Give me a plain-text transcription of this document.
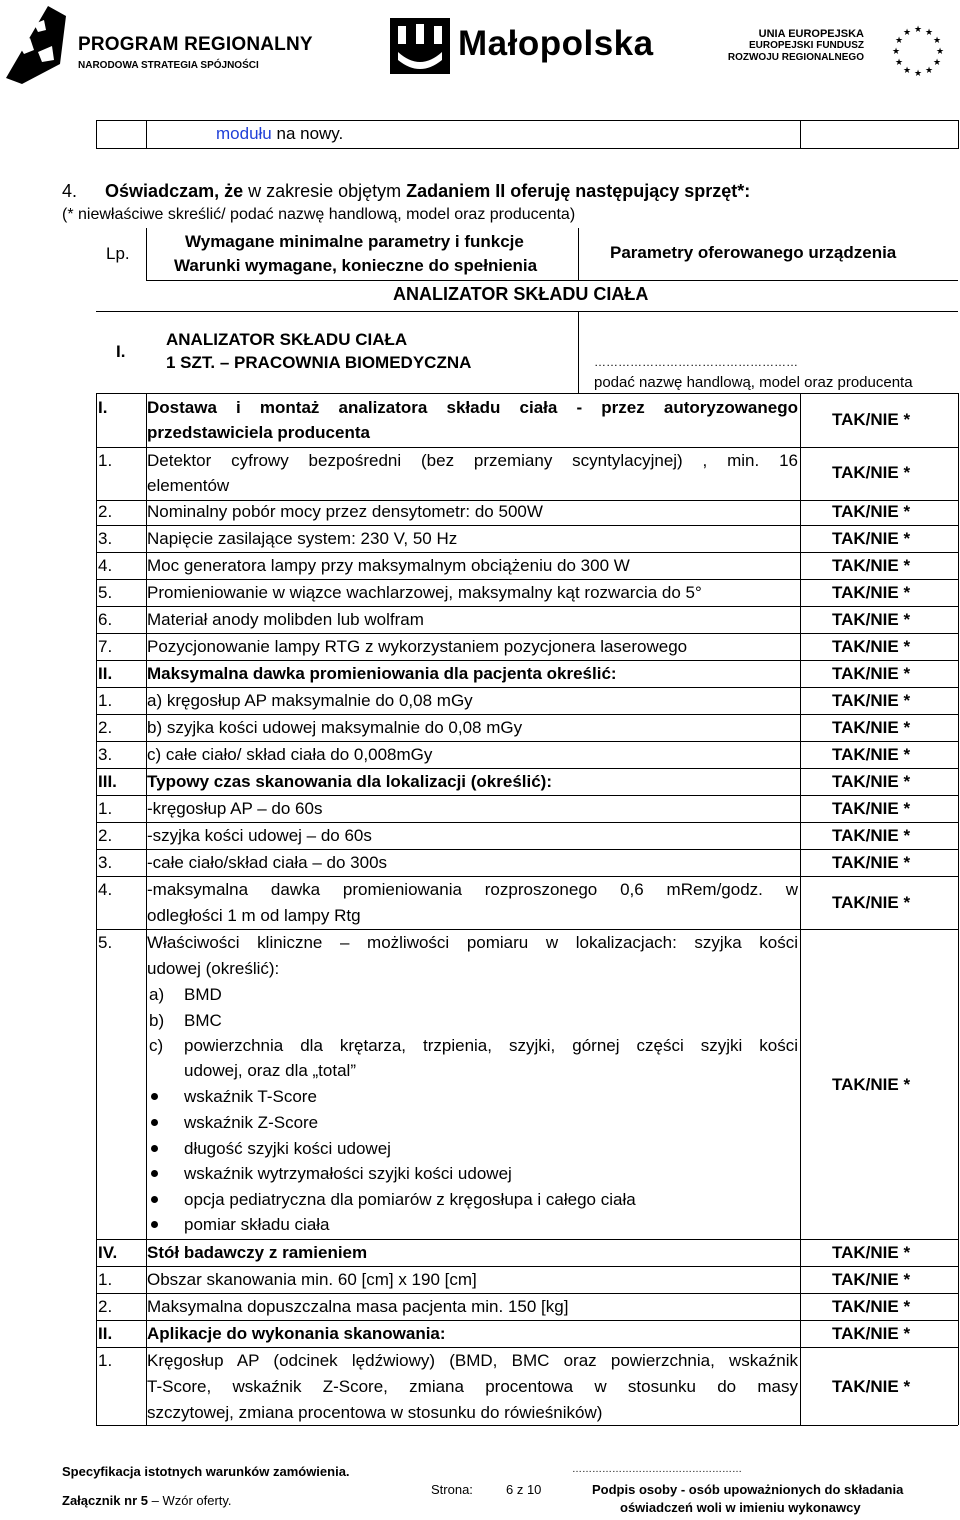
PROGRAM REGIONALNY
NARODOWA STRATEGIA SPÓJNOŚCI
Małopolska	UNIA EUROPEJSKA
EUROPEJSKI FUNDUSZ
ROZWOJU REGIONALNEGO
★ ★
★
★
★
★
★
★
★
★
★
★
modułu na nowy.
4. Oświadczam, że w zakresie objętym Zadaniem II oferuję następujący sprzęt*:
(* niewłaściwe skreślić/ podać nazwę handlową, model oraz producenta)
Lp.
Wymagane minimalne parametry i funkcje
Warunki wymagane, konieczne do spełnienia
Parametry oferowanego urządzenia
ANALIZATOR SKŁADU CIAŁA
I.
ANALIZATOR SKŁADU CIAŁA
1 SZT. – PRACOWNIA BIOMEDYCZNA	……………………………………………
podać nazwę handlową, model oraz producenta
I. Dostawa i montaż analizatora składu ciała - przez autoryzowanego
przedstawiciela producenta
TAK/NIE *
1. Detektor cyfrowy bezpośredni (bez przemiany scyntylacyjnej) , min. 16
elementów
TAK/NIE *
2. Nominalny pobór mocy przez densytometr: do 500W	TAK/NIE *
3. Napięcie zasilające system: 230 V, 50 Hz	TAK/NIE *
4. Moc generatora lampy przy maksymalnym obciążeniu do 300 W	TAK/NIE *
5. Promieniowanie w wiązce wachlarzowej, maksymalny kąt rozwarcia do 5°	TAK/NIE *
6. Materiał anody molibden lub wolfram	TAK/NIE *
7. Pozycjonowanie lampy RTG z wykorzystaniem pozycjonera laserowego	TAK/NIE *
II. Maksymalna dawka promieniowania dla pacjenta określić:	TAK/NIE *
1. a) kręgosłup AP maksymalnie do 0,08 mGy	TAK/NIE *
2. b) szyjka kości udowej maksymalnie do 0,08 mGy	TAK/NIE *
3. c) całe ciało/ skład ciała do 0,008mGy	TAK/NIE *
III. Typowy czas skanowania dla lokalizacji (określić):	TAK/NIE *
1. -kręgosłup AP – do 60s	TAK/NIE *
2. -szyjka kości udowej – do 60s	TAK/NIE *
3. -całe ciało/skład ciała – do 300s	TAK/NIE *
4. -maksymalna dawka promieniowania rozproszonego 0,6 mRem/godz. w
odległości 1 m od lampy Rtg
TAK/NIE *
5. Właściwości kliniczne – możliwości pomiaru w lokalizacjach: szyjka kości
udowej (określić):
a) BMD
b) BMC
c) powierzchnia dla krętarza, trzpienia, szyjki, górnej części szyjki kości
udowej, oraz dla „total”
wskaźnik T-Score
wskaźnik Z-Score
długość szyjki kości udowej
wskaźnik wytrzymałości szyjki kości udowej
opcja pediatryczna dla pomiarów z kręgosłupa i całego ciała
pomiar składu ciała
TAK/NIE *
IV. Stół badawczy z ramieniem	TAK/NIE *
1. Obszar skanowania min. 60 [cm] x 190 [cm]	TAK/NIE *
2. Maksymalna dopuszczalna masa pacjenta min. 150 [kg]	TAK/NIE *
II. Aplikacje do wykonania skanowania:	TAK/NIE *
1. Kręgosłup AP (odcinek lędźwiowy) (BMD, BMC oraz powierzchnia, wskaźnik
T-Score, wskaźnik Z-Score, zmiana procentowa w stosunku do masy
szczytowej, zmiana procentowa w stosunku do rówieśników)
TAK/NIE *
Specyfikacja istotnych warunków zamówienia.
Załącznik nr 5 – Wzór oferty.
Strona:	6 z 10
……………………………………………
Podpis osoby - osób upoważnionych do składania
oświadczeń woli w imieniu wykonawcy
